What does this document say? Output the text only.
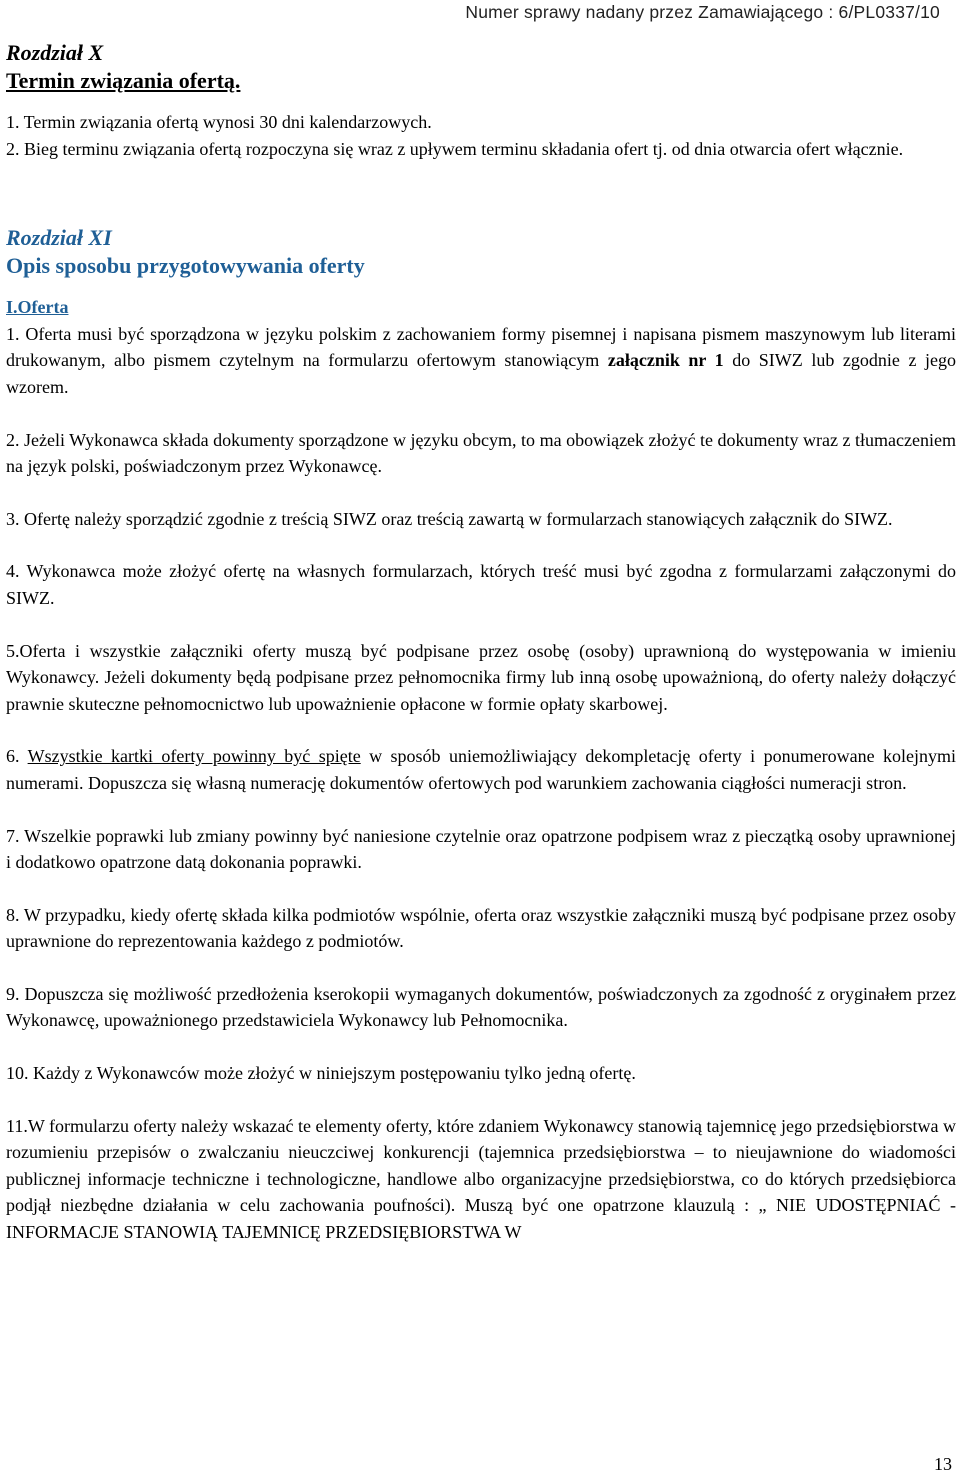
Numer sprawy nadany przez Zamawiającego : 6/PL0337/10
Rozdział X
Termin związania ofertą.

1. Termin związania ofertą wynosi 30 dni kalendarzowych.

2. Bieg terminu związania ofertą rozpoczyna się wraz z upływem terminu składania ofert tj. od dnia otwarcia ofert włącznie.

Rozdział XI
Opis sposobu przygotowywania oferty

I.Oferta

1. Oferta musi być sporządzona w języku polskim z zachowaniem formy pisemnej i napisana pismem maszynowym lub literami drukowanym, albo pismem czytelnym na formularzu ofertowym stanowiącym załącznik nr 1 do SIWZ lub zgodnie z jego wzorem.

2. Jeżeli Wykonawca składa dokumenty sporządzone w języku obcym, to ma obowiązek złożyć te dokumenty wraz z tłumaczeniem na język polski, poświadczonym przez Wykonawcę.

3. Ofertę należy sporządzić zgodnie z treścią SIWZ oraz treścią zawartą w formularzach stanowiących załącznik do SIWZ.

4. Wykonawca może złożyć ofertę na własnych formularzach, których treść musi być zgodna z formularzami załączonymi do SIWZ.

5.Oferta i wszystkie załączniki oferty muszą być podpisane przez osobę (osoby) uprawnioną do występowania w imieniu Wykonawcy. Jeżeli dokumenty będą podpisane przez pełnomocnika firmy lub inną osobę upoważnioną, do oferty należy dołączyć prawnie skuteczne pełnomocnictwo lub upoważnienie opłacone w formie opłaty skarbowej.

6. Wszystkie kartki oferty powinny być spięte w sposób uniemożliwiający dekompletację oferty i ponumerowane kolejnymi numerami. Dopuszcza się własną numerację dokumentów ofertowych pod warunkiem zachowania ciągłości numeracji stron.

7. Wszelkie poprawki lub zmiany powinny być naniesione czytelnie oraz opatrzone podpisem wraz z pieczątką osoby uprawnionej i dodatkowo opatrzone datą dokonania poprawki.

8. W przypadku, kiedy ofertę składa kilka podmiotów wspólnie, oferta oraz wszystkie załączniki muszą być podpisane przez osoby uprawnione do reprezentowania każdego z podmiotów.

9. Dopuszcza się możliwość przedłożenia kserokopii wymaganych dokumentów, poświadczonych za zgodność z oryginałem przez Wykonawcę, upoważnionego przedstawiciela Wykonawcy lub Pełnomocnika.

10. Każdy z Wykonawców może złożyć w niniejszym postępowaniu tylko jedną ofertę.

11.W formularzu oferty należy wskazać te elementy oferty, które zdaniem Wykonawcy stanowią tajemnicę jego przedsiębiorstwa w rozumieniu przepisów o zwalczaniu nieuczciwej konkurencji (tajemnica przedsiębiorstwa – to nieujawnione do wiadomości publicznej informacje techniczne i technologiczne, handlowe albo organizacyjne przedsiębiorstwa, co do których przedsiębiorca podjął niezbędne działania w celu zachowania poufności). Muszą być one opatrzone klauzulą : „ NIE UDOSTĘPNIAĆ - INFORMACJE STANOWIĄ TAJEMNICĘ PRZEDSIĘBIORSTWA W

13
